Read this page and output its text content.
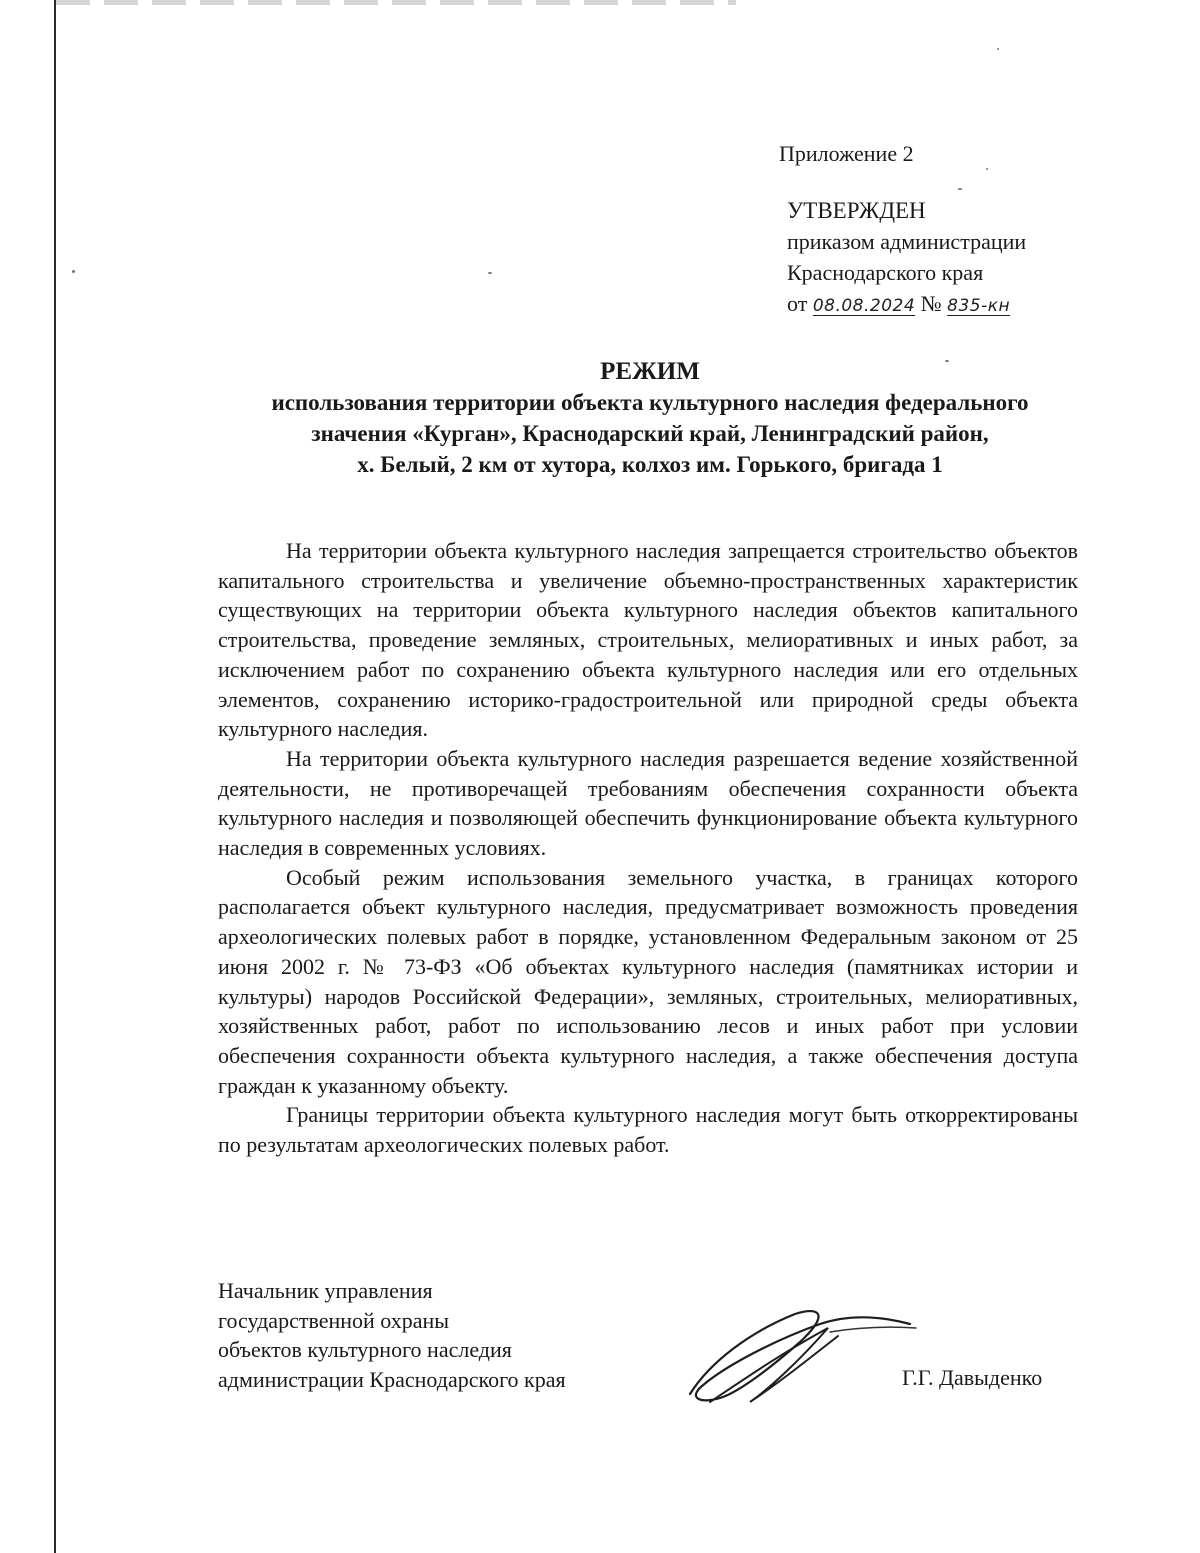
Приложение 2
УТВЕРЖДЕН
приказом администрации
Краснодарского края
от 08.08.2024 № 835-кн
РЕЖИМ
использования территории объекта культурного наследия федерального
значения «Курган», Краснодарский край, Ленинградский район,
х. Белый, 2 км от хутора, колхоз им. Горького, бригада 1

На территории объекта культурного наследия запрещается строительство объектов капитального строительства и увеличение объемно-пространственных характеристик существующих на территории объекта культурного наследия объектов капитального строительства, проведение земляных, строительных, мелиоративных и иных работ, за исключением работ по сохранению объекта культурного наследия или его отдельных элементов, сохранению историко-градостроительной или природной среды объекта культурного наследия.

На территории объекта культурного наследия разрешается ведение хозяйственной деятельности, не противоречащей требованиям обеспечения сохранности объекта культурного наследия и позволяющей обеспечить функционирование объекта культурного наследия в современных условиях.

Особый режим использования земельного участка, в границах которого располагается объект культурного наследия, предусматривает возможность проведения археологических полевых работ в порядке, установленном Федеральным законом от 25 июня 2002 г. № 73-ФЗ «Об объектах культурного наследия (памятниках истории и культуры) народов Российской Федерации», земляных, строительных, мелиоративных, хозяйственных работ, работ по использованию лесов и иных работ при условии обеспечения сохранности объекта культурного наследия, а также обеспечения доступа граждан к указанному объекту.

Границы территории объекта культурного наследия могут быть откорректированы по результатам археологических полевых работ.

Начальник управления
государственной охраны
объектов культурного наследия
администрации Краснодарского края	Г.Г. Давыденко
